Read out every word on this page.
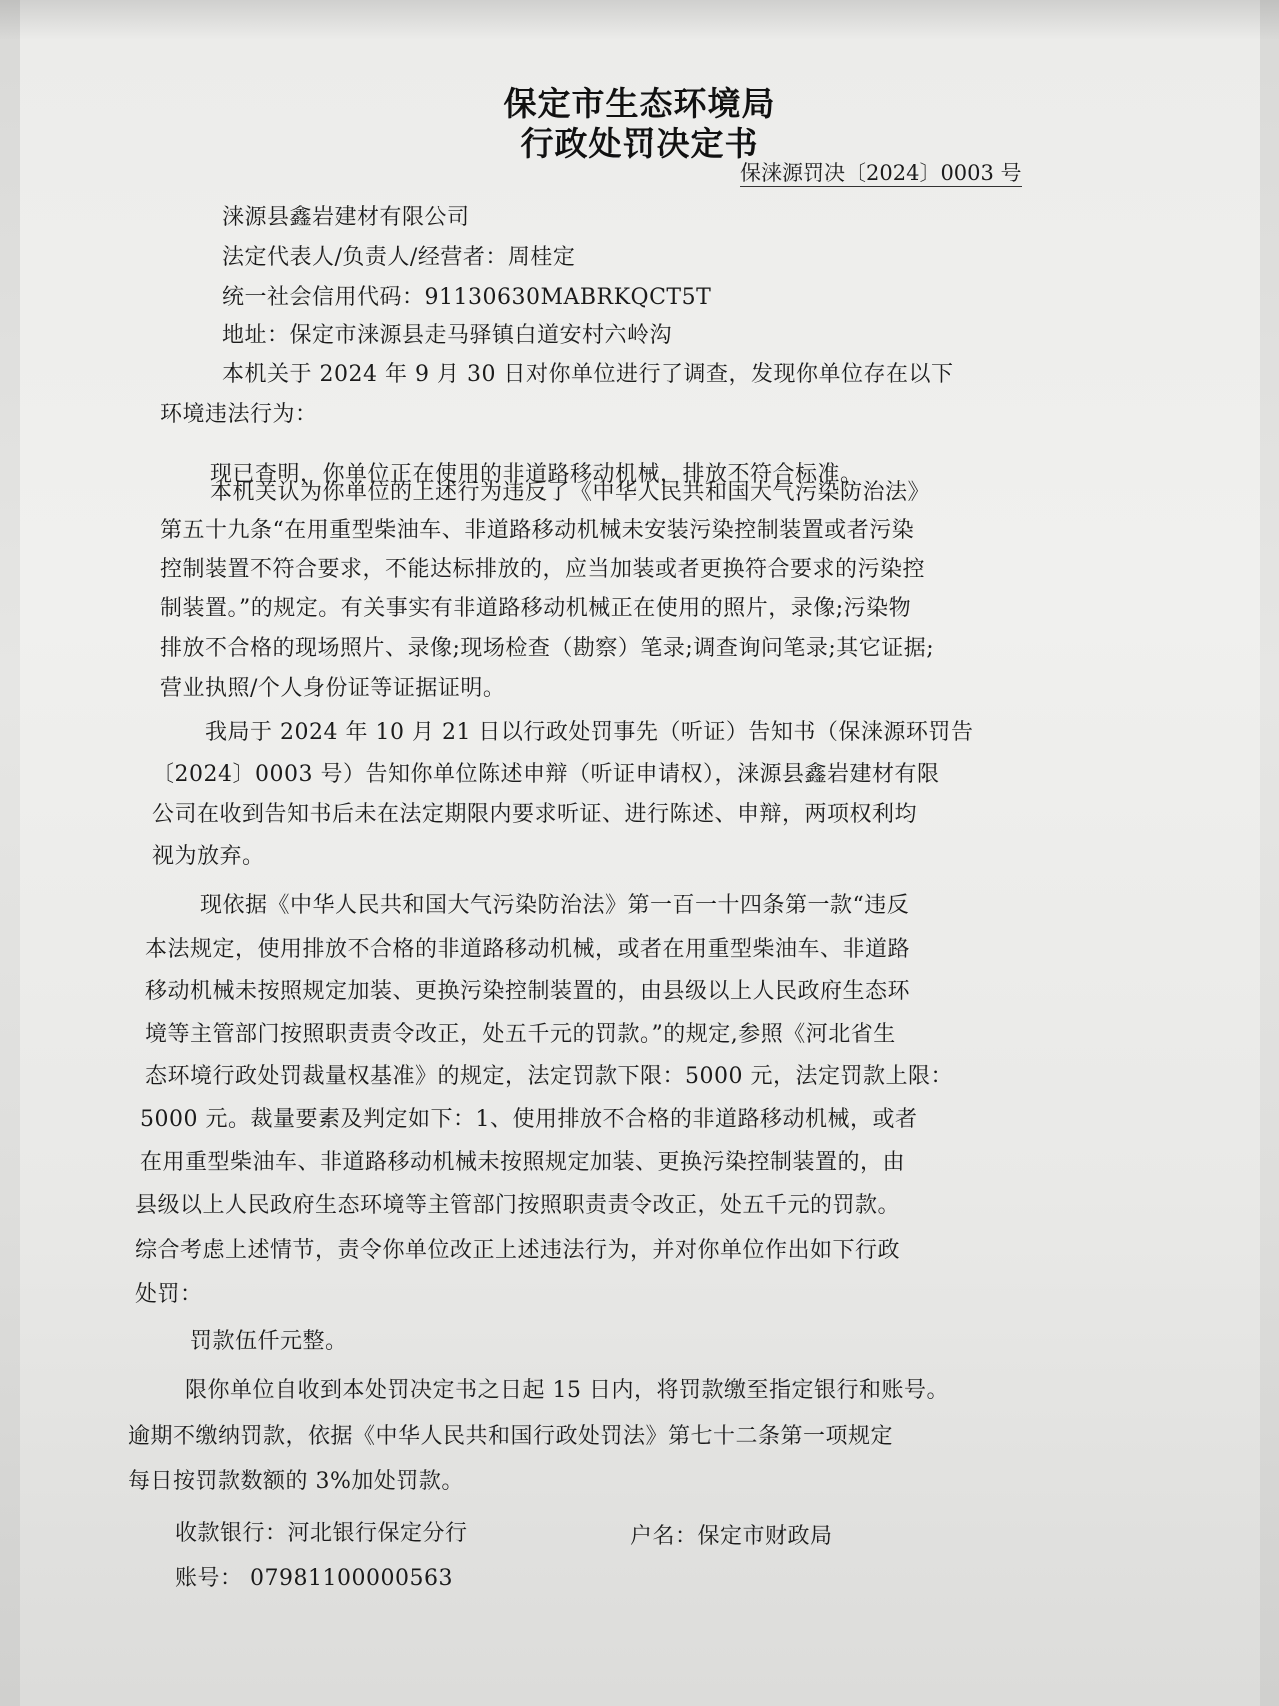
保定市生态环境局
行政处罚决定书
保涞源罚决〔2024〕0003 号
涞源县鑫岩建材有限公司
法定代表人/负责人/经营者：周桂定
统一社会信用代码：91130630MABRKQCT5T
地址：保定市涞源县走马驿镇白道安村六岭沟
本机关于 2024 年 9 月 30 日对你单位进行了调查，发现你单位存在以下
环境违法行为：
现已查明，你单位正在使用的非道路移动机械，排放不符合标准。
本机关认为你单位的上述行为违反了《中华人民共和国大气污染防治法》
第五十九条“在用重型柴油车、非道路移动机械未安装污染控制装置或者污染
控制装置不符合要求，不能达标排放的，应当加装或者更换符合要求的污染控
制装置。”的规定。有关事实有非道路移动机械正在使用的照片，录像;污染物
排放不合格的现场照片、录像;现场检查（勘察）笔录;调查询问笔录;其它证据;
营业执照/个人身份证等证据证明。
我局于 2024 年 10 月 21 日以行政处罚事先（听证）告知书（保涞源环罚告
〔2024〕0003 号）告知你单位陈述申辩（听证申请权），涞源县鑫岩建材有限
公司在收到告知书后未在法定期限内要求听证、进行陈述、申辩，两项权利均
视为放弃。
现依据《中华人民共和国大气污染防治法》第一百一十四条第一款“违反
本法规定，使用排放不合格的非道路移动机械，或者在用重型柴油车、非道路
移动机械未按照规定加装、更换污染控制装置的，由县级以上人民政府生态环
境等主管部门按照职责责令改正，处五千元的罚款。”的规定,参照《河北省生
态环境行政处罚裁量权基准》的规定，法定罚款下限：5000 元，法定罚款上限：
5000 元。裁量要素及判定如下：1、使用排放不合格的非道路移动机械，或者
在用重型柴油车、非道路移动机械未按照规定加装、更换污染控制装置的，由
县级以上人民政府生态环境等主管部门按照职责责令改正，处五千元的罚款。
综合考虑上述情节，责令你单位改正上述违法行为，并对你单位作出如下行政
处罚：
罚款伍仟元整。
限你单位自收到本处罚决定书之日起 15 日内，将罚款缴至指定银行和账号。
逾期不缴纳罚款，依据《中华人民共和国行政处罚法》第七十二条第一项规定
每日按罚款数额的 3%加处罚款。
收款银行：河北银行保定分行	户名：保定市财政局
账号： 07981100000563
